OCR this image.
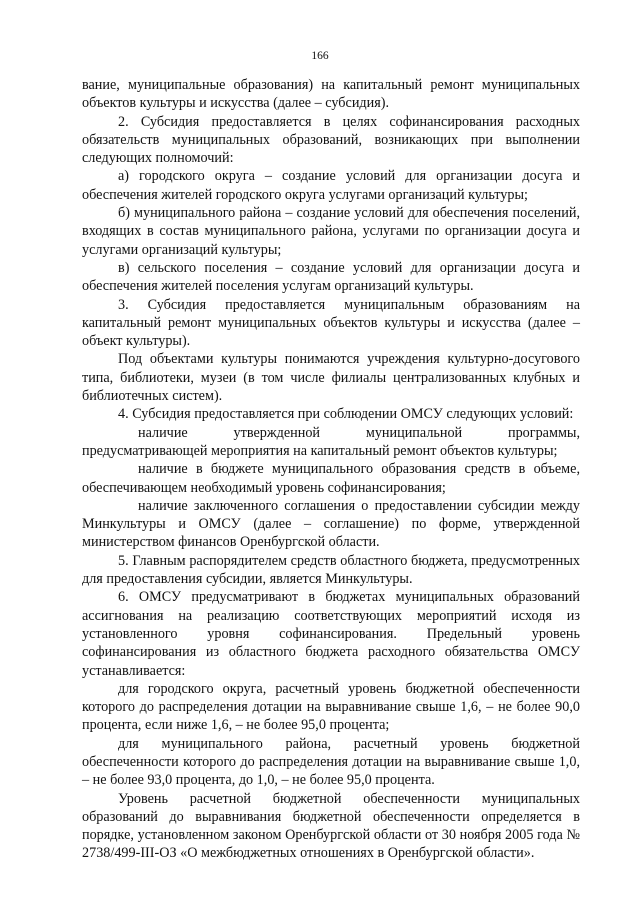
166

вание, муниципальные образования) на капитальный ремонт муниципальных объектов культуры и искусства (далее – субсидия).

2. Субсидия предоставляется в целях софинансирования расходных обязательств муниципальных образований, возникающих при выполнении следующих полномочий:

а) городского округа – создание условий для организации досуга и обеспечения жителей городского округа услугами организаций культуры;

б) муниципального района – создание условий для обеспечения поселений, входящих в состав муниципального района, услугами по организации досуга и услугами организаций культуры;

в) сельского поселения – создание условий для организации досуга и обеспечения жителей поселения услугам организаций культуры.

3. Субсидия предоставляется муниципальным образованиям на капитальный ремонт муниципальных объектов культуры и искусства (далее – объект культуры).

Под объектами культуры понимаются учреждения культурно-досугового типа, библиотеки, музеи (в том числе филиалы централизованных клубных и библиотечных систем).

4. Субсидия предоставляется при соблюдении ОМСУ следующих условий:

наличие утвержденной муниципальной программы, предусматривающей мероприятия на капитальный ремонт объектов культуры;

наличие в бюджете муниципального образования средств в объеме, обеспечивающем необходимый уровень софинансирования;

наличие заключенного соглашения о предоставлении субсидии между Минкультуры и ОМСУ (далее – соглашение) по форме, утвержденной министерством финансов Оренбургской области.

5. Главным распорядителем средств областного бюджета, предусмотренных для предоставления субсидии, является Минкультуры.

6. ОМСУ предусматривают в бюджетах муниципальных образований ассигнования на реализацию соответствующих мероприятий исходя из установленного уровня софинансирования. Предельный уровень софинансирования из областного бюджета расходного обязательства ОМСУ устанавливается:

для городского округа, расчетный уровень бюджетной обеспеченности которого до распределения дотации на выравнивание свыше 1,6, – не более 90,0 процента, если ниже 1,6, – не более 95,0 процента;

для муниципального района, расчетный уровень бюджетной обеспеченности которого до распределения дотации на выравнивание свыше 1,0, – не более 93,0 процента, до 1,0, – не более 95,0 процента.

Уровень расчетной бюджетной обеспеченности муниципальных образований до выравнивания бюджетной обеспеченности определяется в порядке, установленном законом Оренбургской области от 30 ноября 2005 года № 2738/499-III-ОЗ «О межбюджетных отношениях в Оренбургской области».
